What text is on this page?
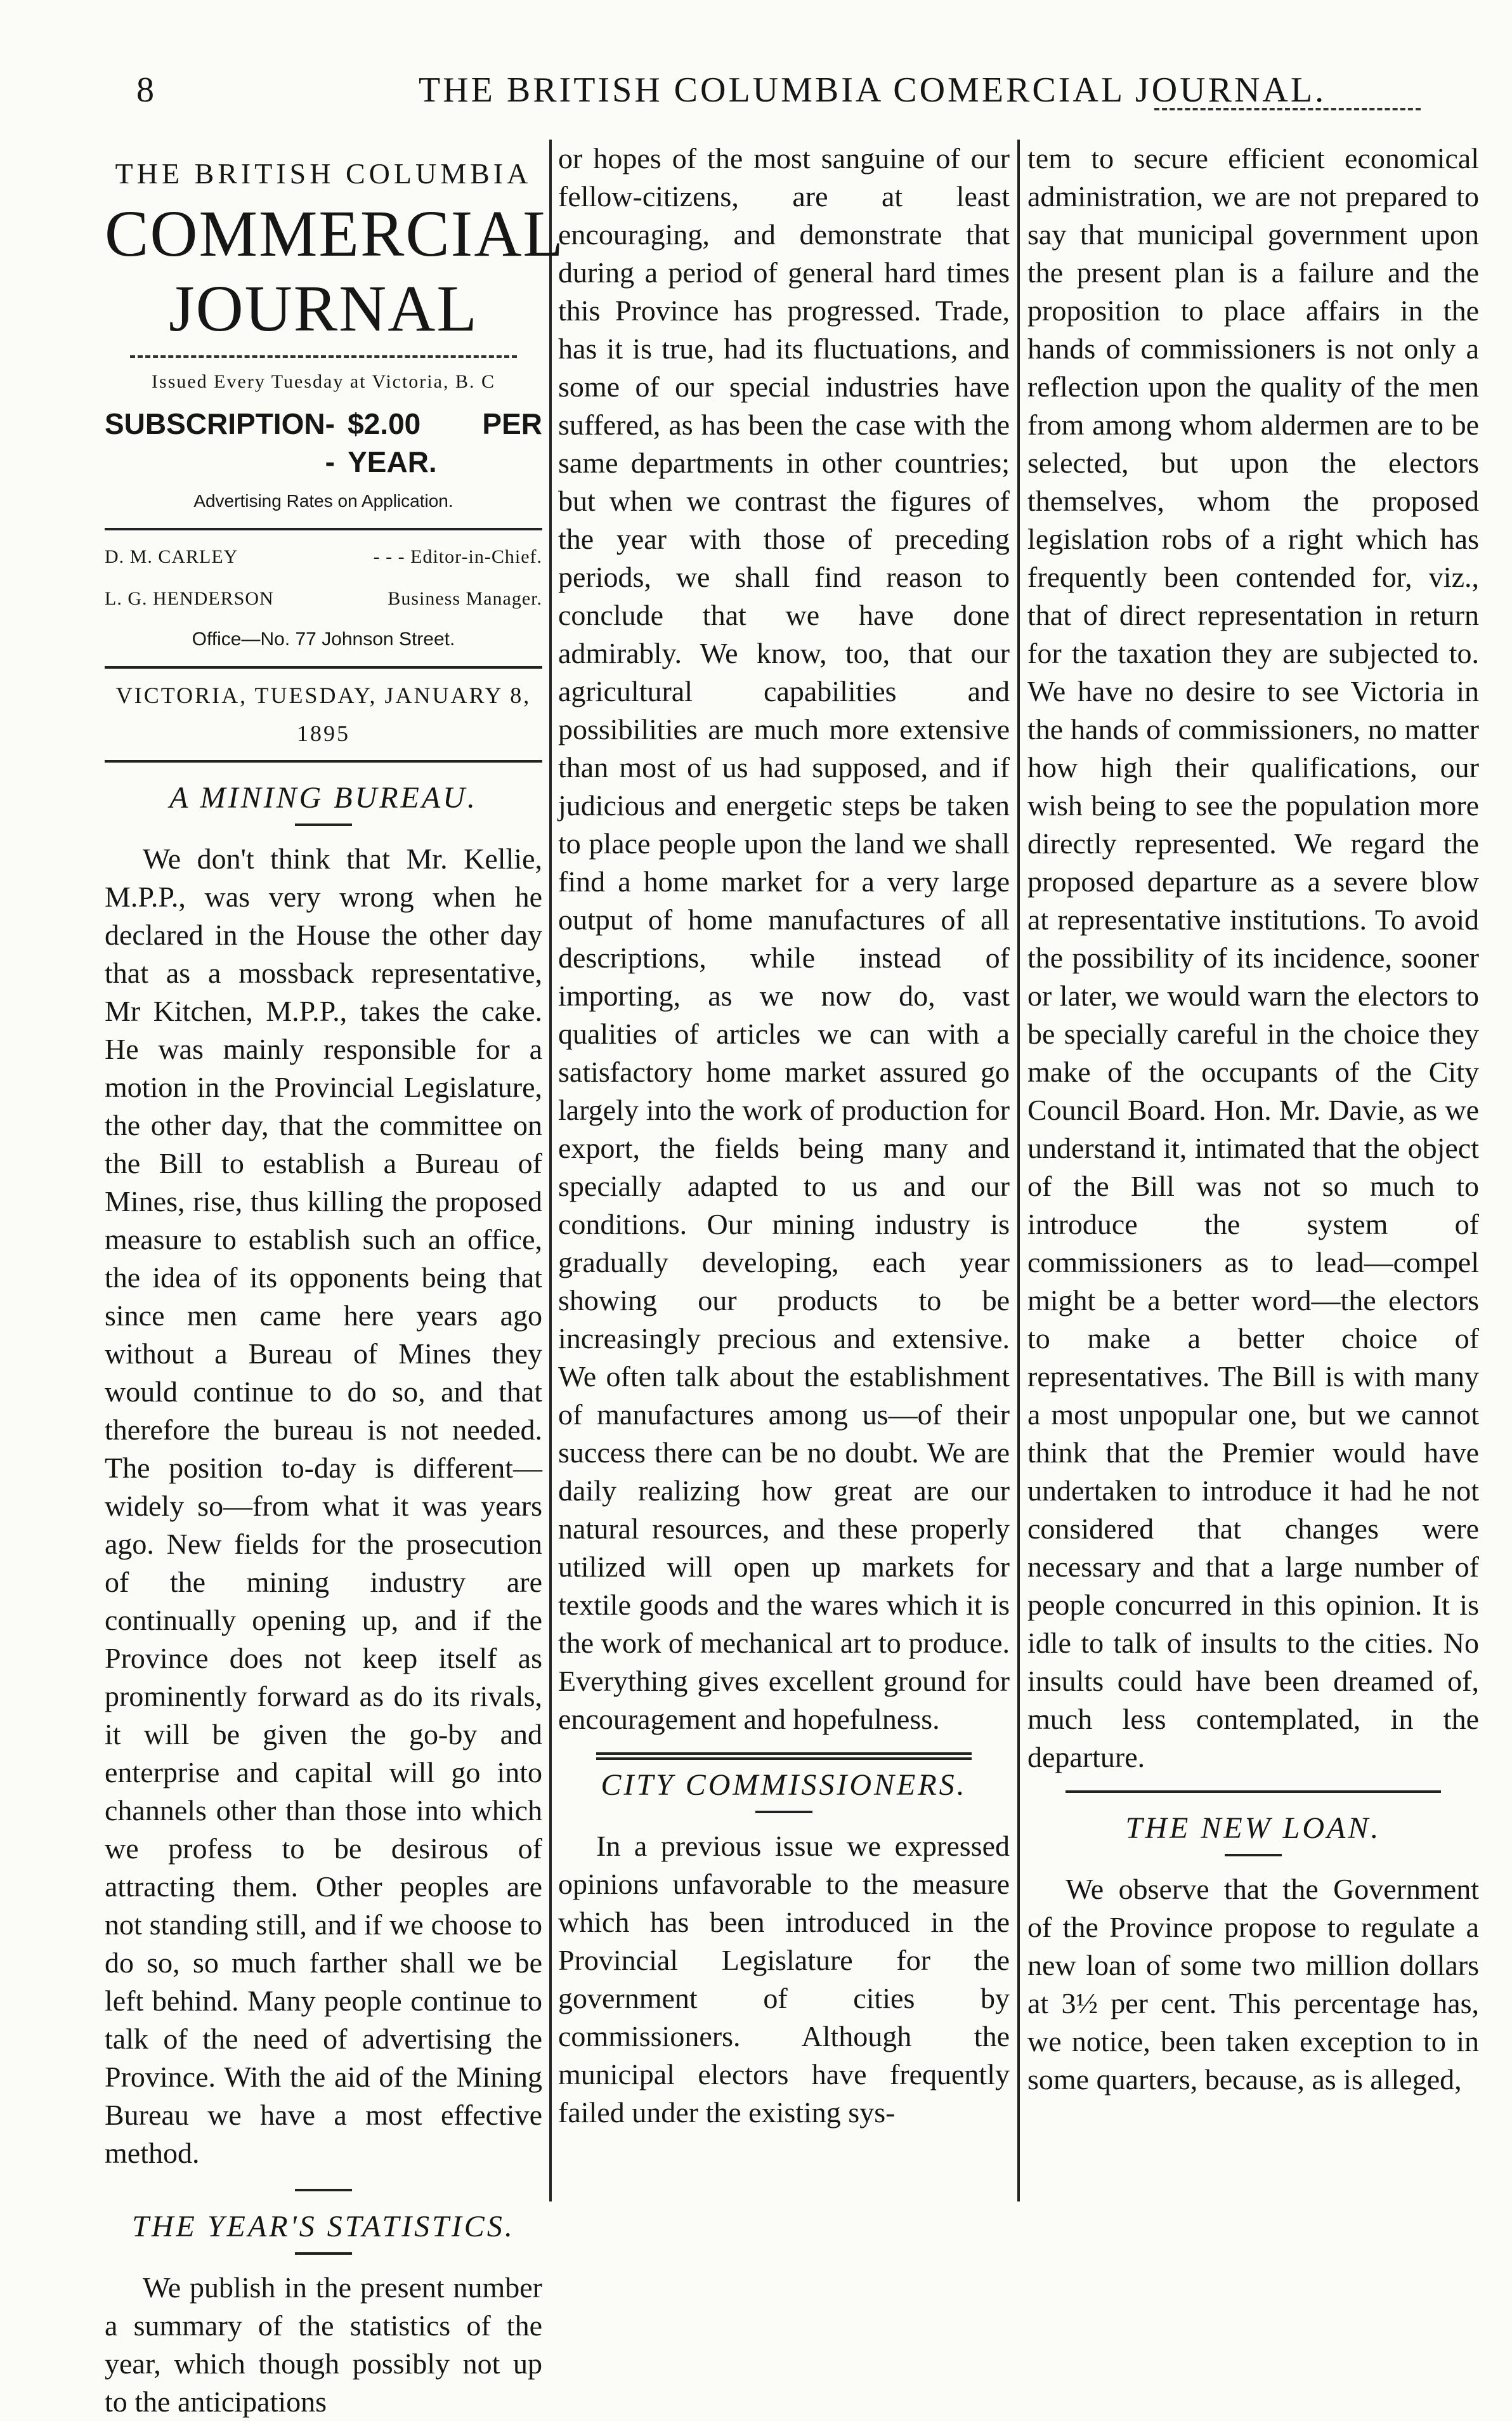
8	THE BRITISH COLUMBIA COMERCIAL JOURNAL.
THE BRITISH COLUMBIA
COMMERCIAL JOURNAL
Issued Every Tuesday at Victoria, B. C
SUBSCRIPTION - -
$2.00 PER YEAR.
Advertising Rates on Application.
D. M. CARLEY	- - - Editor-in-Chief.
L. G. HENDERSON	Business Manager.
Office—No. 77 Johnson Street.
VICTORIA, TUESDAY, JANUARY 8, 1895
A MINING BUREAU.

We don't think that Mr. Kellie, M.P.P., was very wrong when he declared in the House the other day that as a mossback representative, Mr Kitchen, M.P.P., takes the cake. He was mainly responsible for a motion in the Provincial Legislature, the other day, that the committee on the Bill to establish a Bureau of Mines, rise, thus killing the proposed measure to establish such an office, the idea of its opponents being that since men came here years ago without a Bureau of Mines they would continue to do so, and that therefore the bureau is not needed. The position to-day is different—widely so—from what it was years ago. New fields for the prosecution of the mining industry are continually opening up, and if the Province does not keep itself as prominently forward as do its rivals, it will be given the go-by and enterprise and capital will go into channels other than those into which we profess to be desirous of attracting them. Other peoples are not standing still, and if we choose to do so, so much farther shall we be left behind. Many people continue to talk of the need of advertising the Province. With the aid of the Mining Bureau we have a most effective method.

THE YEAR'S STATISTICS.

We publish in the present number a summary of the statistics of the year, which though possibly not up to the anticipations

or hopes of the most sanguine of our fellow-citizens, are at least encouraging, and demonstrate that during a period of general hard times this Province has progressed. Trade, has it is true, had its fluctuations, and some of our special industries have suffered, as has been the case with the same departments in other countries; but when we contrast the figures of the year with those of preceding periods, we shall find reason to conclude that we have done admirably. We know, too, that our agricultural capabilities and possibilities are much more extensive than most of us had supposed, and if judicious and energetic steps be taken to place people upon the land we shall find a home market for a very large output of home manufactures of all descriptions, while instead of importing, as we now do, vast qualities of articles we can with a satisfactory home market assured go largely into the work of production for export, the fields being many and specially adapted to us and our conditions. Our mining industry is gradually developing, each year showing our products to be increasingly precious and extensive. We often talk about the establishment of manufactures among us—of their success there can be no doubt. We are daily realizing how great are our natural resources, and these properly utilized will open up markets for textile goods and the wares which it is the work of mechanical art to produce. Everything gives excellent ground for encouragement and hopefulness.

CITY COMMISSIONERS.

In a previous issue we expressed opinions unfavorable to the measure which has been introduced in the Provincial Legislature for the government of cities by commissioners. Although the municipal electors have frequently failed under the existing sys-

tem to secure efficient economical administration, we are not prepared to say that municipal government upon the present plan is a failure and the proposition to place affairs in the hands of commissioners is not only a reflection upon the quality of the men from among whom aldermen are to be selected, but upon the electors themselves, whom the proposed legislation robs of a right which has frequently been contended for, viz., that of direct representation in return for the taxation they are subjected to. We have no desire to see Victoria in the hands of commissioners, no matter how high their qualifications, our wish being to see the population more directly represented. We regard the proposed departure as a severe blow at representative institutions. To avoid the possibility of its incidence, sooner or later, we would warn the electors to be specially careful in the choice they make of the occupants of the City Council Board. Hon. Mr. Davie, as we understand it, intimated that the object of the Bill was not so much to introduce the system of commissioners as to lead—compel might be a better word—the electors to make a better choice of representatives. The Bill is with many a most unpopular one, but we cannot think that the Premier would have undertaken to introduce it had he not considered that changes were necessary and that a large number of people concurred in this opinion. It is idle to talk of insults to the cities. No insults could have been dreamed of, much less contemplated, in the departure.

THE NEW LOAN.

We observe that the Government of the Province propose to regulate a new loan of some two million dollars at 3½ per cent. This percentage has, we notice, been taken exception to in some quarters, because, as is alleged,
